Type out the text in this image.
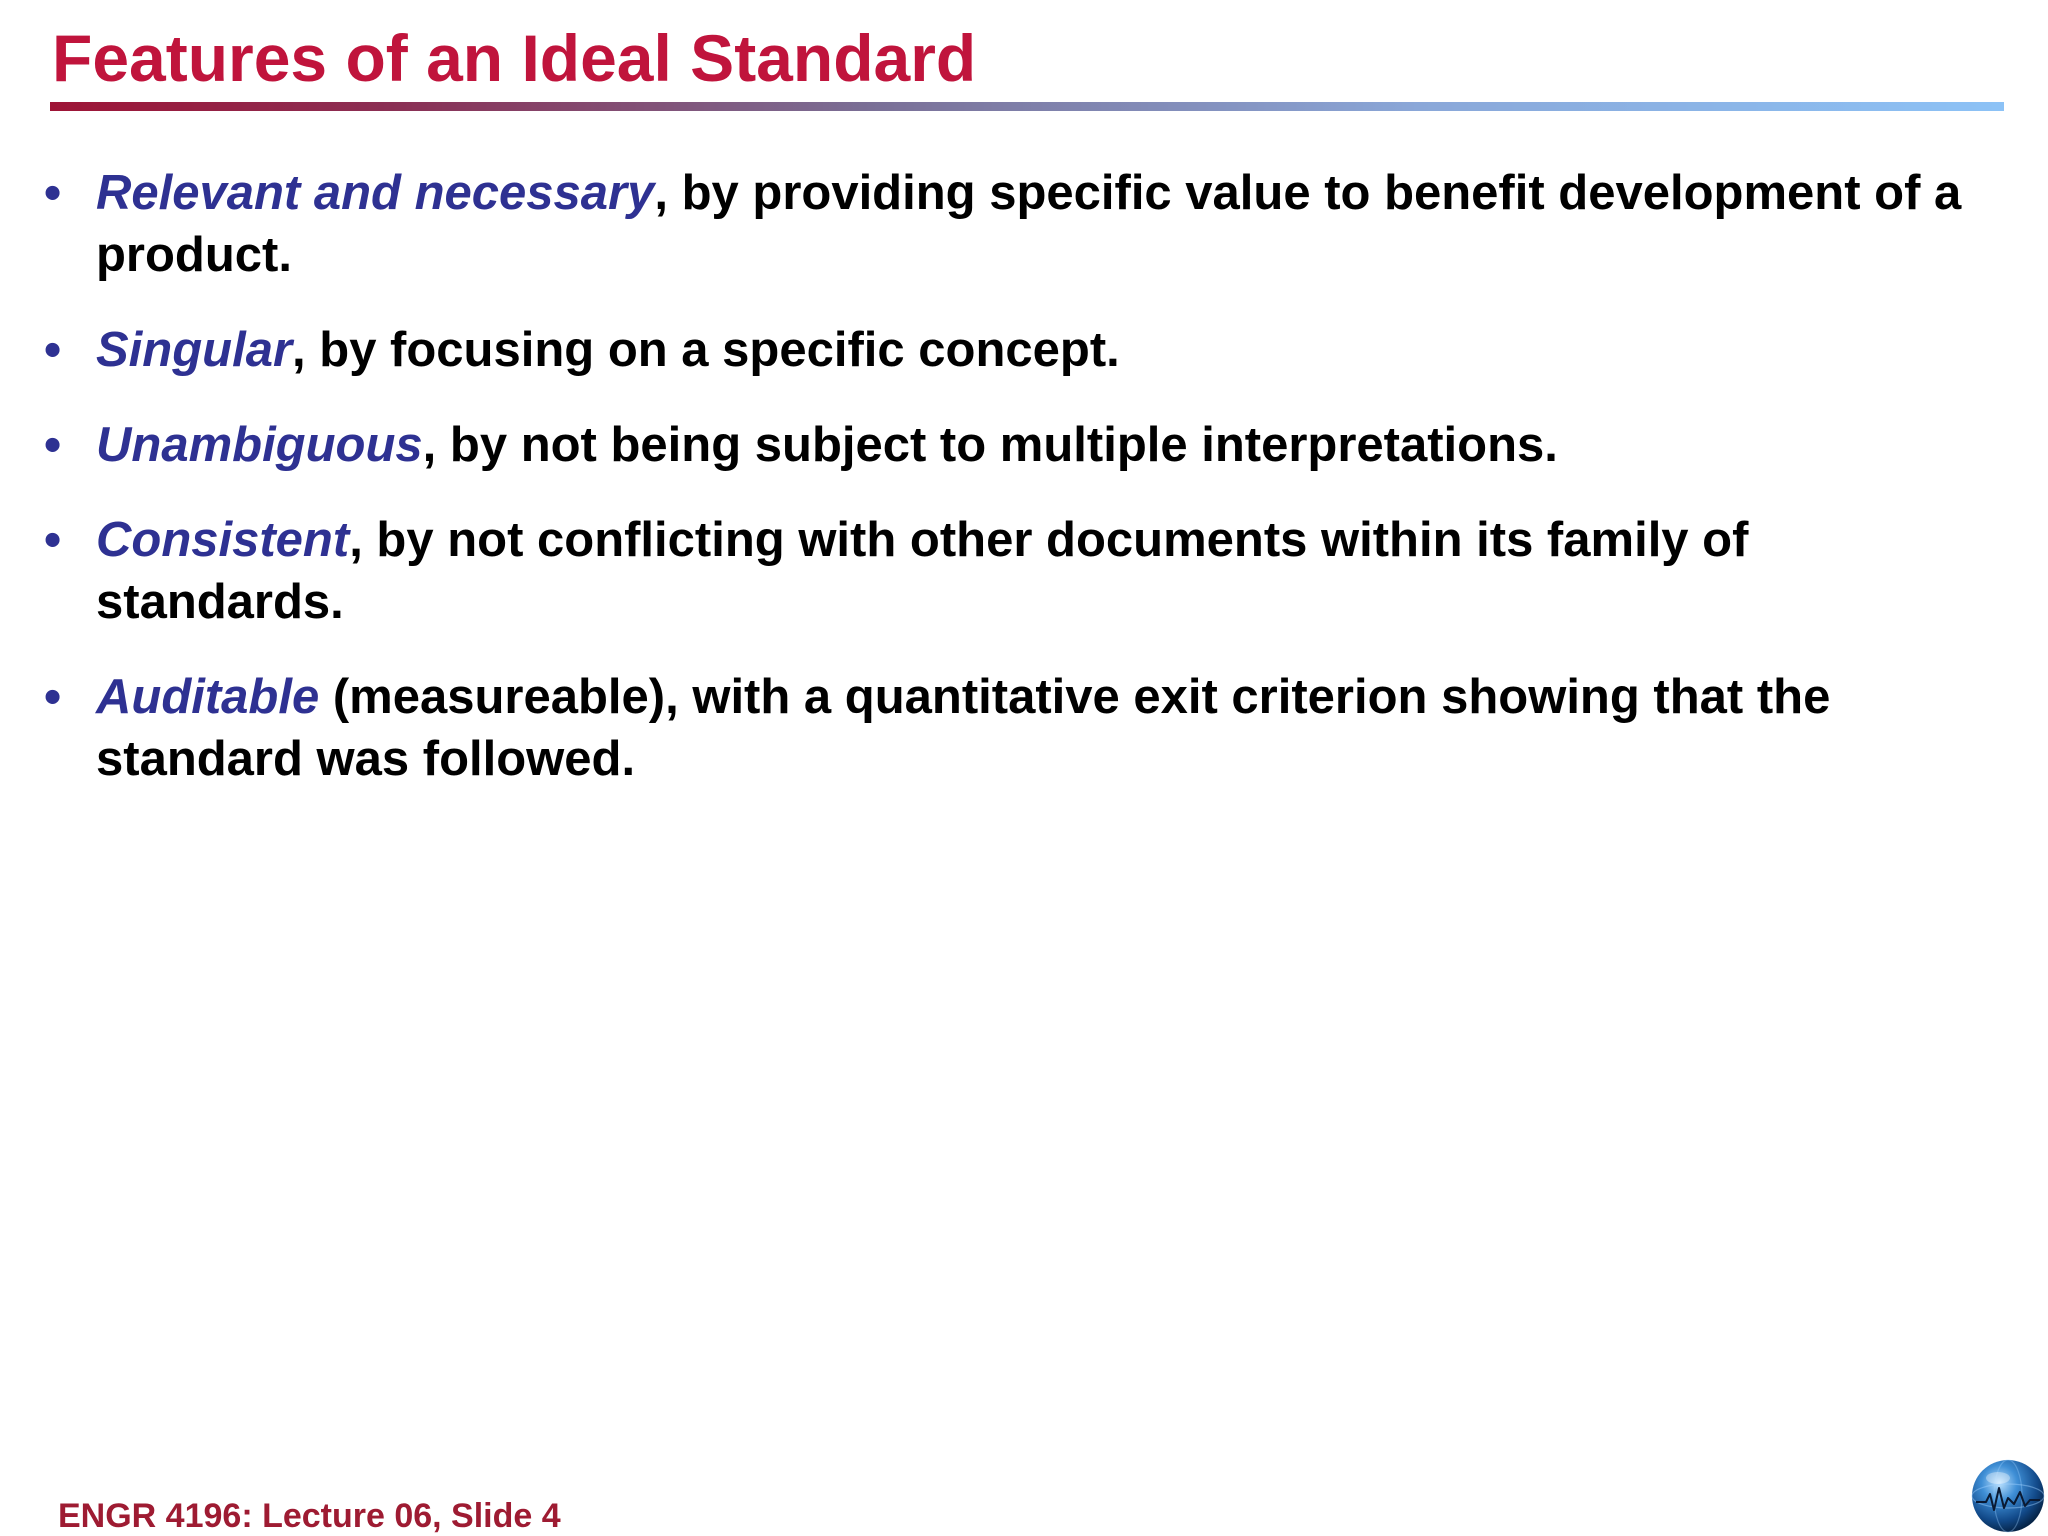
Features of an Ideal Standard
• Relevant and necessary, by providing specific value to benefit development of a product.
• Singular, by focusing on a specific concept.
• Unambiguous, by not being subject to multiple interpretations.
• Consistent, by not conflicting with other documents within its family of standards.
• Auditable (measureable), with a quantitative exit criterion showing that the standard was followed.
ENGR 4196: Lecture 06, Slide 4
